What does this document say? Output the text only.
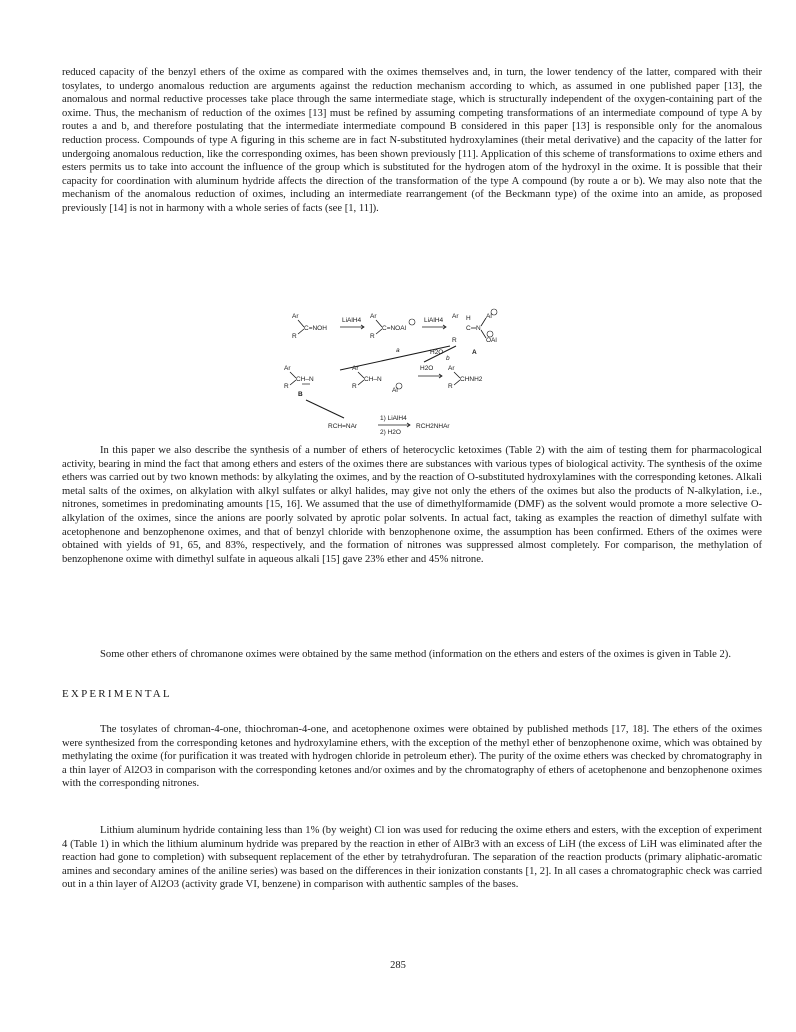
reduced capacity of the benzyl ethers of the oxime as compared with the oximes themselves and, in turn, the lower tendency of the latter, compared with their tosylates, to undergo anomalous reduction are arguments against the reduction mechanism according to which, as assumed in one published paper [13], the anomalous and normal reductive processes take place through the same intermediate stage, which is structurally independent of the oxygen-containing part of the oxime. Thus, the mechanism of reduction of the oximes [13] must be refined by assuming competing transformations of an intermediate compound of type A by routes a and b, and therefore postulating that the intermediate intermediate compound B considered in this paper [13] is responsible only for the anomalous reduction process. Compounds of type A figuring in this scheme are in fact N-substituted hydroxylamines (their metal derivative) and the capacity of the latter for undergoing anomalous reduction, like the corresponding oximes, has been shown previously [11]. Application of this scheme of transformations to oxime ethers and esters permits us to take into account the influence of the group which is substituted for the hydrogen atom of the hydroxyl in the oxime. It is possible that their capacity for coordination with aluminum hydride affects the direction of the transformation of the type A compound (by route a or b). We may also note that the mechanism of the anomalous reduction of oximes, including an intermediate rearrangement (of the Beckmann type) of the oxime into an amide, as proposed previously [14] is not in harmony with a whole series of facts (see [1, 11]).

Ar
R
C=NOH
LiAlH4
Ar
R
C=NOAl
LiAlH4
Ar
R
C
H
N
Al
OAl
A
a
b
H2O
Ar
R
CH–N
B
Ar
R
CH–N
Al
H2O Ar
R
CHNH2
RCH=NAr
1) LiAlH4
2) H2O
RCH2NHAr

In this paper we also describe the synthesis of a number of ethers of heterocyclic ketoximes (Table 2) with the aim of testing them for pharmacological activity, bearing in mind the fact that among ethers and esters of the oximes there are substances with various types of biological activity. The synthesis of the oxime ethers was carried out by two known methods: by alkylating the oximes, and by the reaction of O-substituted hydroxylamines with the corresponding ketones. Alkali metal salts of the oximes, on alkylation with alkyl sulfates or alkyl halides, may give not only the ethers of the oximes but also the products of N-alkylation, i.e., nitrones, sometimes in predominating amounts [15, 16]. We assumed that the use of dimethylformamide (DMF) as the solvent would promote a more selective O-alkylation of the oximes, since the anions are poorly solvated by aprotic polar solvents. In actual fact, taking as examples the reaction of dimethyl sulfate with acetophenone and benzophenone oximes, and that of benzyl chloride with benzophenone oxime, the assumption has been confirmed. Ethers of the oximes were obtained with yields of 91, 65, and 83%, respectively, and the formation of nitrones was suppressed almost completely. For comparison, the methylation of benzophenone oxime with dimethyl sulfate in aqueous alkali [15] gave 23% ether and 45% nitrone.

Some other ethers of chromanone oximes were obtained by the same method (information on the ethers and esters of the oximes is given in Table 2).

EXPERIMENTAL

The tosylates of chroman-4-one, thiochroman-4-one, and acetophenone oximes were obtained by published methods [17, 18]. The ethers of the oximes were synthesized from the corresponding ketones and hydroxylamine ethers, with the exception of the methyl ether of benzophenone oxime, which was obtained by methylating the oxime (for purification it was treated with hydrogen chloride in petroleum ether). The purity of the oxime ethers was checked by chromatography in a thin layer of Al2O3 in comparison with the corresponding ketones and/or oximes and by the chromatography of ethers of acetophenone and benzophenone oximes with the corresponding nitrones.

Lithium aluminum hydride containing less than 1% (by weight) Cl ion was used for reducing the oxime ethers and esters, with the exception of experiment 4 (Table 1) in which the lithium aluminum hydride was prepared by the reaction in ether of AlBr3 with an excess of LiH (the excess of LiH was eliminated after the reaction had gone to completion) with subsequent replacement of the ether by tetrahydrofuran. The separation of the reaction products (primary aliphatic-aromatic amines and secondary amines of the aniline series) was based on the differences in their ionization constants [1, 2]. In all cases a chromatographic check was carried out in a thin layer of Al2O3 (activity grade VI, benzene) in comparison with authentic samples of the bases.

285
